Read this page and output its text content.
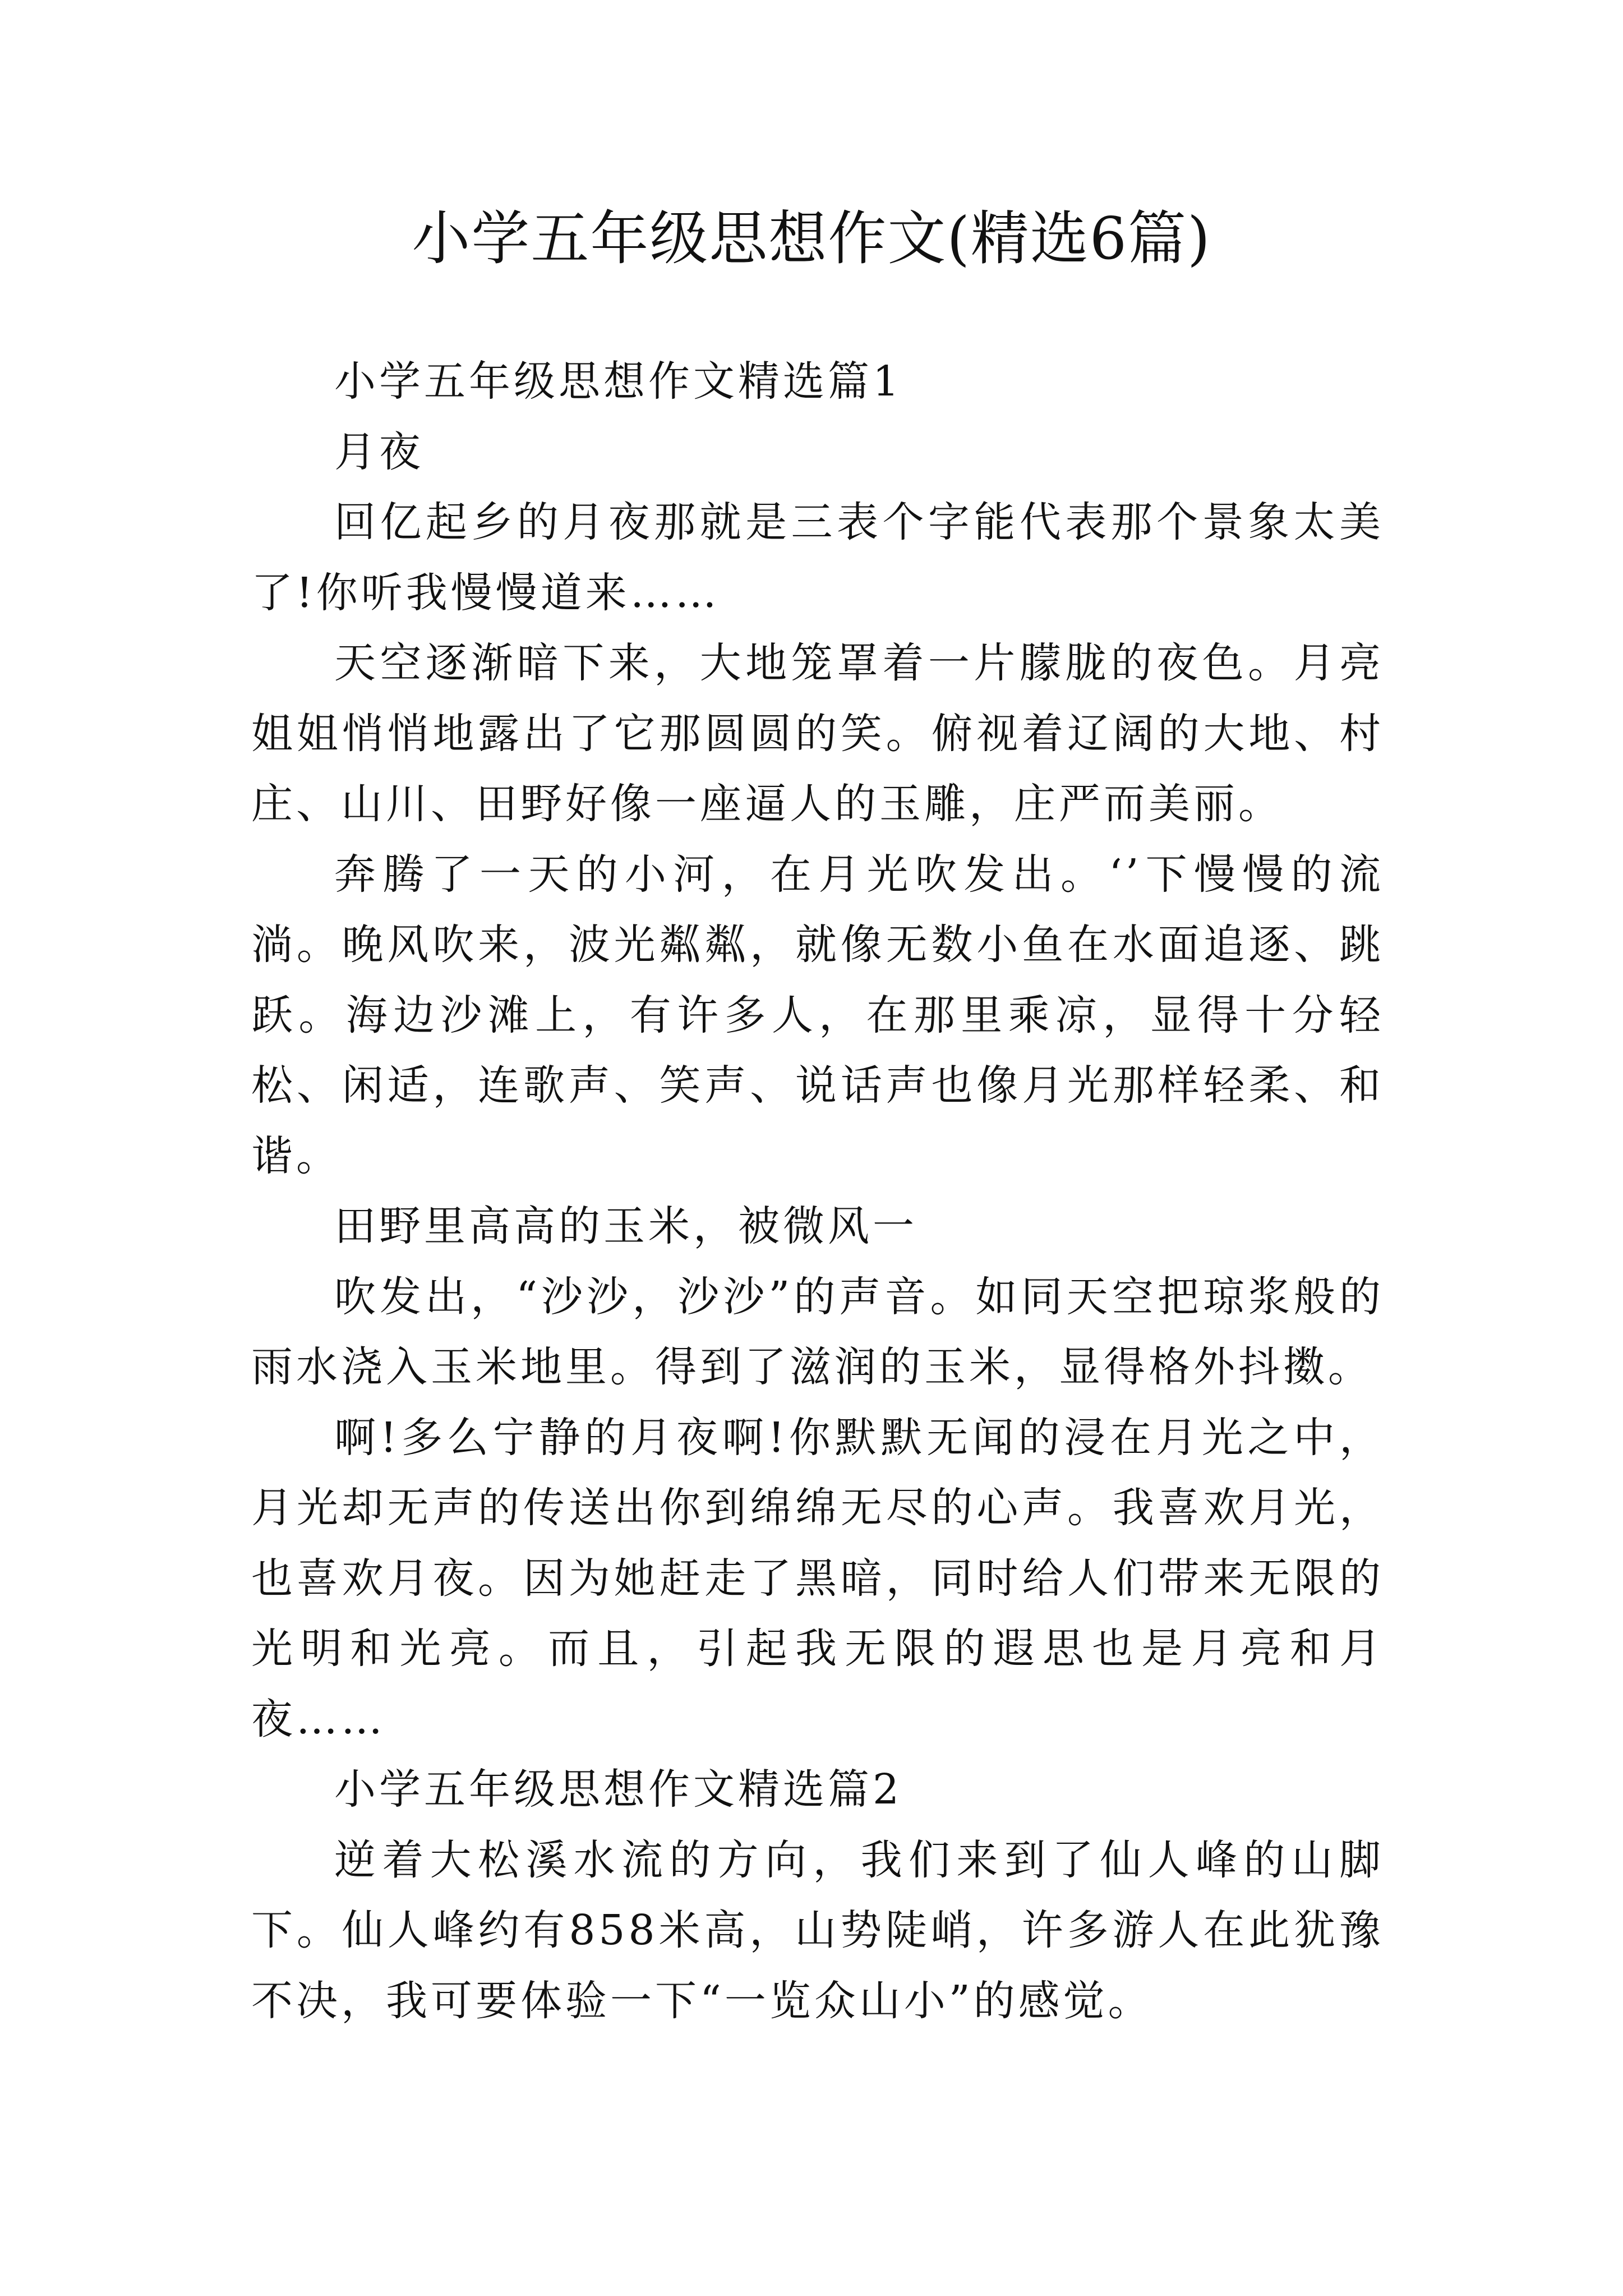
小学五年级思想作文(精选6篇)

小学五年级思想作文精选篇1

月夜

回亿起乡的月夜那就是三表个字能代表那个景象太美了!你听我慢慢道来……

天空逐渐暗下来，大地笼罩着一片朦胧的夜色。月亮姐姐悄悄地露出了它那圆圆的笑。俯视着辽阔的大地、村庄、山川、田野好像一座逼人的玉雕，庄严而美丽。

奔腾了一天的小河，在月光吹发出。‘’下慢慢的流淌。晚风吹来，波光粼粼，就像无数小鱼在水面追逐、跳跃。海边沙滩上，有许多人，在那里乘凉，显得十分轻松、闲适，连歌声、笑声、说话声也像月光那样轻柔、和谐。

田野里高高的玉米，被微风一

吹发出，“沙沙，沙沙”的声音。如同天空把琼浆般的雨水浇入玉米地里。得到了滋润的玉米，显得格外抖擞。

啊!多么宁静的月夜啊!你默默无闻的浸在月光之中，月光却无声的传送出你到绵绵无尽的心声。我喜欢月光，也喜欢月夜。因为她赶走了黑暗，同时给人们带来无限的光明和光亮。而且，引起我无限的遐思也是月亮和月夜……

小学五年级思想作文精选篇2

逆着大松溪水流的方向，我们来到了仙人峰的山脚下。仙人峰约有858米高，山势陡峭，许多游人在此犹豫不决，我可要体验一下“一览众山小”的感觉。
